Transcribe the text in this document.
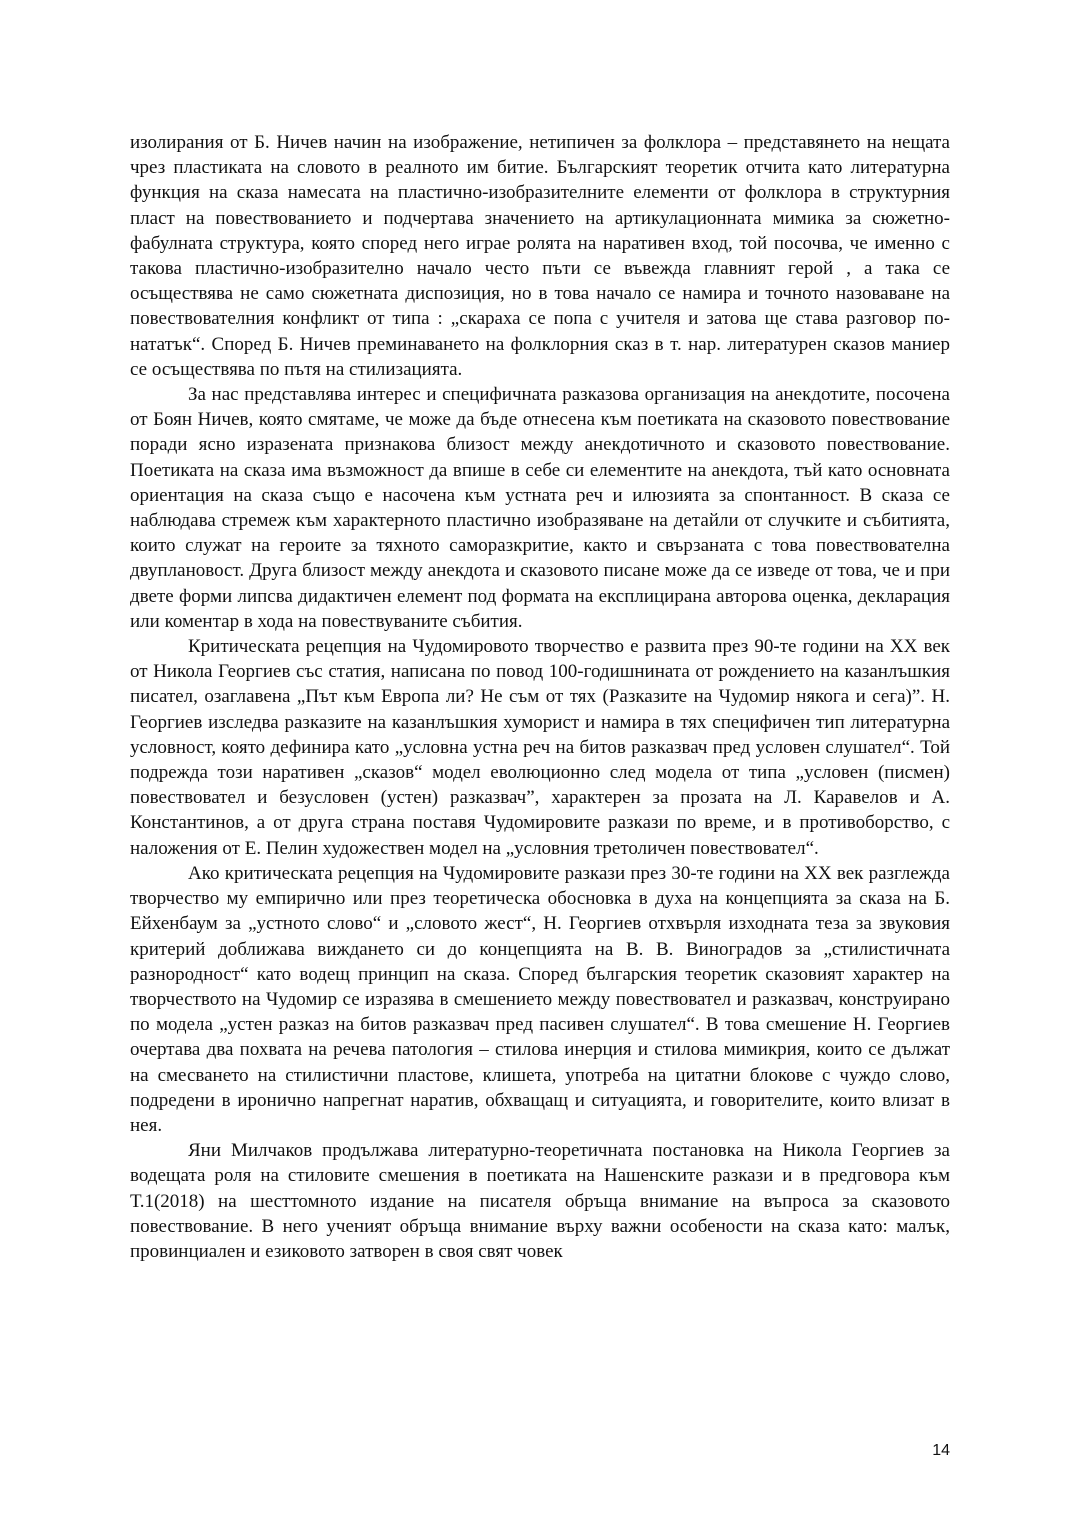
изолирания от Б. Ничев начин на изображение, нетипичен за фолклора – представянето на нещата чрез пластиката на словото в реалното им битие. Българският теоретик отчита като литературна функция на сказа намесата на пластично-изобразителните елементи от фолклора в структурния пласт на повествованието и подчертава значението на артикулационната мимика за сюжетно-фабулната структура, която според него играе ролята на наративен вход, той посочва, че именно с такова пластично-изобразително начало често пъти се въвежда главният герой , а така се осъществява не само сюжетната диспозиция, но в това начало се намира и точното назоваване на повествователния конфликт от типа : „скараха се попа с учителя и затова ще става разговор по-нататък“. Според Б. Ничев преминаването на фолклорния сказ в т. нар. литературен сказов маниер се осъществява по пътя на стилизацията.

За нас представлява интерес и специфичната разказова организация на анекдотите, посочена от Боян Ничев, която смятаме, че може да бъде отнесена към поетиката на сказовото повествование поради ясно изразената признакова близост между анекдотичното и сказовото повествование. Поетиката на сказа има възможност да впише в себе си елементите на анекдота, тъй като основната ориентация на сказа също е насочена към устната реч и илюзията за спонтанност. В сказа се наблюдава стремеж към характерното пластично изобразяване на детайли от случките и събитията, които служат на героите за тяхното саморазкритие, както и свързаната с това повествователна двуплановост. Друга близост между анекдота и сказовото писане може да се изведе от това, че и при двете форми липсва дидактичен елемент под формата на експлицирана авторова оценка, декларация или коментар в хода на повествуваните събития.

Критическата рецепция на Чудомировото творчество е развита през 90-те години на ХХ век от Никола Георгиев със статия, написана по повод 100-годишнината от рождението на казанлъшкия писател, озаглавена „Път към Европа ли? Не съм от тях (Разказите на Чудомир някога и сега)”. Н. Георгиев изследва разказите на казанлъшкия хуморист и намира в тях специфичен тип литературна условност, която дефинира като „условна устна реч на битов разказвач пред условен слушател“. Той подрежда този наративен „сказов“ модел еволюционно след модела от типа „условен (писмен) повествовател и безусловен (устен) разказвач”, характерен за прозата на Л. Каравелов и А. Константинов, а от друга страна поставя Чудомировите разкази по време, и в противоборство, с наложения от Е. Пелин художествен модел на „условния третоличен повествовател“.

Ако критическата рецепция на Чудомировите разкази през 30-те години на ХХ век разглежда творчество му емпирично или през теоретическа обосновка в духа на концепцията за сказа на Б. Ейхенбаум за „устното слово“ и „словото жест“, Н. Георгиев отхвърля изходната теза за звуковия критерий доближава виждането си до концепцията на В. В. Виноградов за „стилистичната разнородност“ като водещ принцип на сказа. Според българския теоретик сказовият характер на творчеството на Чудомир се изразява в смешението между повествовател и разказвач, конструирано по модела „устен разказ на битов разказвач пред пасивен слушател“. В това смешение Н. Георгиев очертава два похвата на речева патология – стилова инерция и стилова мимикрия, които се дължат на смесването на стилистични пластове, клишета, употреба на цитатни блокове с чуждо слово, подредени в иронично напрегнат наратив, обхващащ и ситуацията, и говорителите, които влизат в нея.

Яни Милчаков продължава литературно-теоретичната постановка на Никола Георгиев за водещата роля на стиловите смешения в поетиката на Нашенските разкази и в предговора към Т.1(2018) на шесттомното издание на писателя обръща внимание на въпроса за сказовото повествование. В него ученият обръща внимание върху важни особености на сказа като: малък, провинциален и езиковото затворен в своя свят човек

14
